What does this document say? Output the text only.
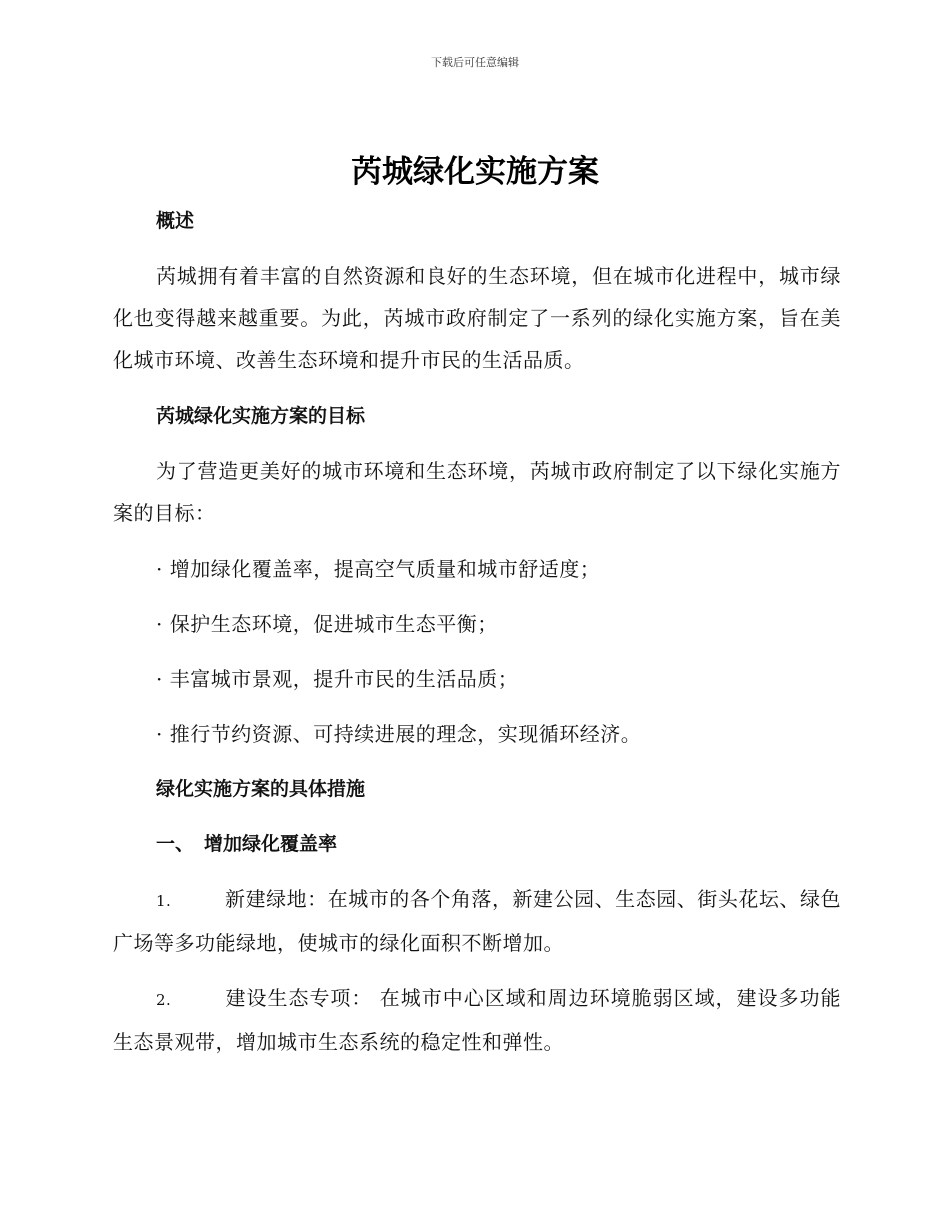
下载后可任意编辑
芮城绿化实施方案

概述

芮城拥有着丰富的自然资源和良好的生态环境，但在城市化进程中，城市绿化也变得越来越重要。为此，芮城市政府制定了一系列的绿化实施方案，旨在美化城市环境、改善生态环境和提升市民的生活品质。

芮城绿化实施方案的目标

为了营造更美好的城市环境和生态环境，芮城市政府制定了以下绿化实施方案的目标：

· 增加绿化覆盖率，提高空气质量和城市舒适度；

· 保护生态环境，促进城市生态平衡；

· 丰富城市景观，提升市民的生活品质；

· 推行节约资源、可持续进展的理念，实现循环经济。

绿化实施方案的具体措施

一、 增加绿化覆盖率

1.	新建绿地：在城市的各个角落，新建公园、生态园、街头花坛、绿色广场等多功能绿地，使城市的绿化面积不断增加。

2.	建设生态专项： 在城市中心区域和周边环境脆弱区域，建设多功能生态景观带，增加城市生态系统的稳定性和弹性。
